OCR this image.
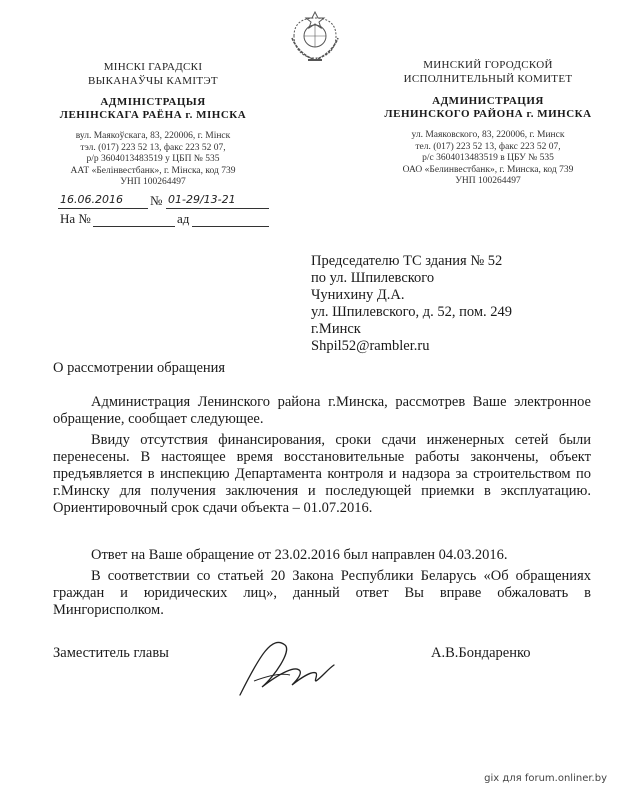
МІНСКІ ГАРАДСКІ
ВЫКАНАЎЧЫ КАМІТЭТ
АДМІНІСТРАЦЫЯ
ЛЕНІНСКАГА РАЁНА г. МІНСКА
вул. Маякоўскага, 83, 220006, г. Мінск
тэл. (017) 223 52 13, факс 223 52 07,
р/р 3604013483519 у ЦБП № 535
ААТ «Белінвестбанк», г. Мінска, код 739
УНП 100264497
МИНСКИЙ ГОРОДСКОЙ
ИСПОЛНИТЕЛЬНЫЙ КОМИТЕТ
АДМИНИСТРАЦИЯ
ЛЕНИНСКОГО РАЙОНА г. МИНСКА
ул. Маяковского, 83, 220006, г. Минск
тел. (017) 223 52 13, факс 223 52 07,
р/с 3604013483519 в ЦБУ № 535
ОАО «Белинвестбанк», г. Минска, код 739
УНП 100264497
16.06.2016 № 01-29/13-21
На №	ад
Председателю ТС здания № 52
по ул. Шпилевского
Чунихину Д.А.
ул. Шпилевского, д. 52, пом. 249
г.Минск
Shpil52@rambler.ru
О рассмотрении обращения
Администрация Ленинского района г.Минска, рассмотрев Ваше электронное обращение, сообщает следующее.
Ввиду отсутствия финансирования, сроки сдачи инженерных сетей были перенесены. В настоящее время восстановительные работы закончены, объект предъявляется в инспекцию Департамента контроля и надзора за строительством по г.Минску для получения заключения и последующей приемки в эксплуатацию. Ориентировочный срок сдачи объекта – 01.07.2016.
Ответ на Ваше обращение от 23.02.2016 был направлен 04.03.2016.
В соответствии со статьей 20 Закона Республики Беларусь «Об обращениях граждан и юридических лиц», данный ответ Вы вправе обжаловать в Мингорисполком.
Заместитель главы	А.В.Бондаренко
gix для forum.onliner.by
